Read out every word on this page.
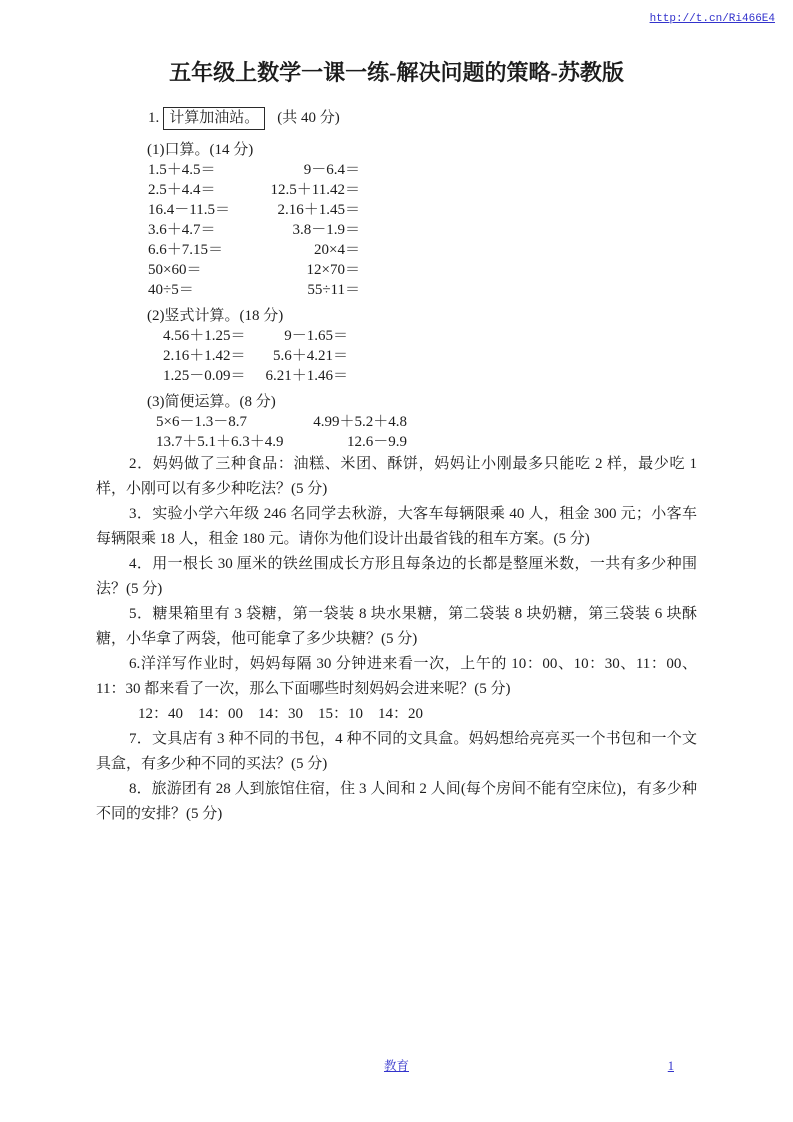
http://t.cn/Ri466E4
五年级上数学一课一练-解决问题的策略-苏教版
1. 计算加油站。	(共 40 分)
(1)口算。(14 分)
1.5＋4.5＝	9－6.4＝
2.5＋4.4＝	12.5＋11.42＝
16.4－11.5＝	2.16＋1.45＝
3.6＋4.7＝	3.8－1.9＝
6.6＋7.15＝	20×4＝
50×60＝	12×70＝
40÷5＝	55÷11＝
(2)竖式计算。(18 分)
4.56＋1.25＝	9－1.65＝
2.16＋1.42＝ 5.6＋4.21＝
1.25－0.09＝ 6.21＋1.46＝
(3)简便运算。(8 分)
5×6－1.3－8.7	4.99＋5.2＋4.8
13.7＋5.1＋6.3＋4.9	12.6－9.9

2．妈妈做了三种食品：油糕、米团、酥饼，妈妈让小刚最多只能吃 2 样，最少吃 1 样，小刚可以有多少种吃法？(5 分)

3．实验小学六年级 246 名同学去秋游，大客车每辆限乘 40 人，租金 300 元；小客车每辆限乘 18 人，租金 180 元。请你为他们设计出最省钱的租车方案。(5 分)

4．用一根长 30 厘米的铁丝围成长方形且每条边的长都是整厘米数，一共有多少种围法？(5 分)

5．糖果箱里有 3 袋糖，第一袋装 8 块水果糖，第二袋装 8 块奶糖，第三袋装 6 块酥糖，小华拿了两袋，他可能拿了多少块糖？(5 分)

6.洋洋写作业时，妈妈每隔 30 分钟进来看一次，上午的 10：00、10：30、11：00、11：30 都来看了一次，那么下面哪些时刻妈妈会进来呢？(5 分)

12：40　14：00　14：30　15：10　14：20

7．文具店有 3 种不同的书包，4 种不同的文具盒。妈妈想给亮亮买一个书包和一个文具盒，有多少种不同的买法？(5 分)

8．旅游团有 28 人到旅馆住宿，住 3 人间和 2 人间(每个房间不能有空床位)，有多少种不同的安排？(5 分)

教育	1
